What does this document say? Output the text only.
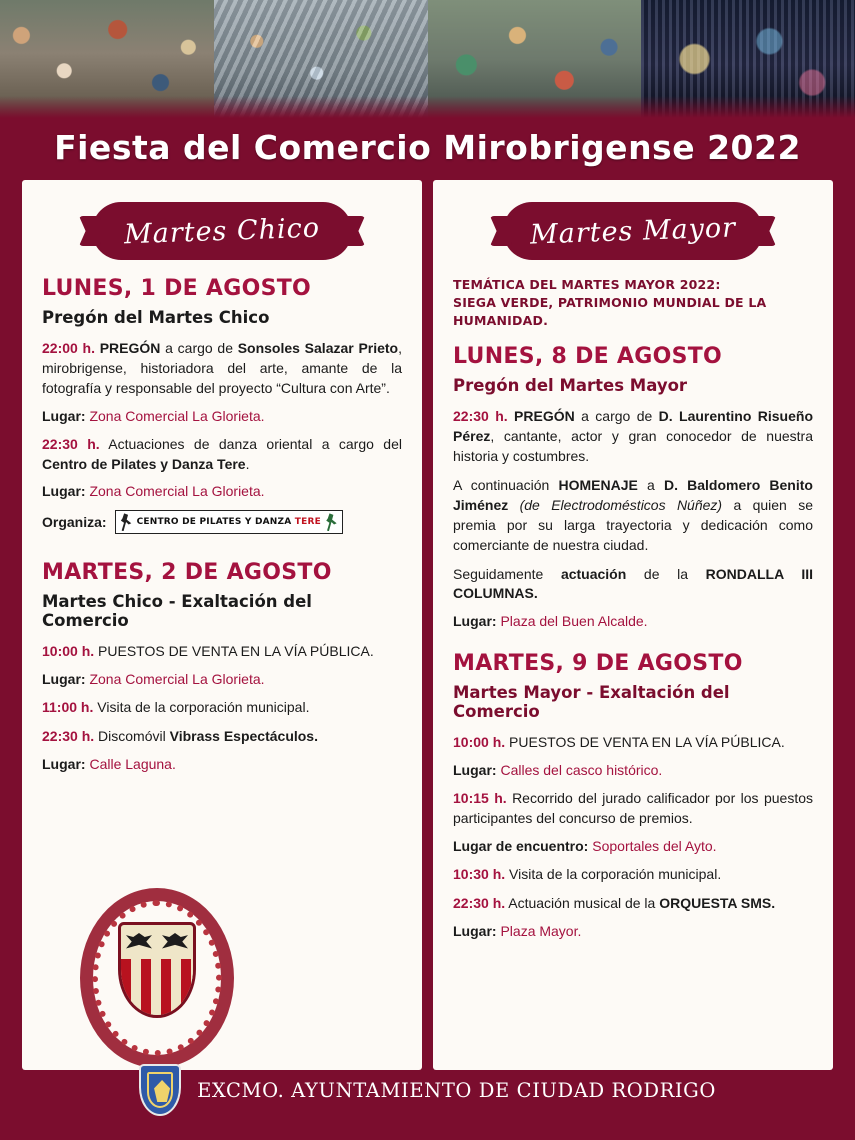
Fiesta del Comercio Mirobrigense 2022
Martes Chico
LUNES, 1 DE AGOSTO
Pregón del Martes Chico

22:00 h. PREGÓN a cargo de Sonsoles Salazar Prieto, mirobrigense, historiadora del arte, amante de la fotografía y responsable del proyecto “Cultura con Arte”.

Lugar: Zona Comercial La Glorieta.

22:30 h. Actuaciones de danza oriental a cargo del Centro de Pilates y Danza Tere.

Lugar: Zona Comercial La Glorieta.

Organiza:	CENTRO DE PILATES Y DANZA TERE

MARTES, 2 DE AGOSTO
Martes Chico - Exaltación del Comercio

10:00 h. PUESTOS DE VENTA EN LA VÍA PÚBLICA.

Lugar: Zona Comercial La Glorieta.

11:00 h. Visita de la corporación municipal.

22:30 h. Discomóvil Vibrass Espectáculos.

Lugar: Calle Laguna.

Martes Mayor
TEMÁTICA DEL MARTES MAYOR 2022:
SIEGA VERDE, PATRIMONIO MUNDIAL DE LA HUMANIDAD.
LUNES, 8 DE AGOSTO
Pregón del Martes Mayor

22:30 h. PREGÓN a cargo de D. Laurentino Risueño Pérez, cantante, actor y gran conocedor de nuestra historia y costumbres.

A continuación HOMENAJE a D. Baldomero Benito Jiménez (de Electrodomésticos Núñez) a quien se premia por su larga trayectoria y dedicación como comerciante de nuestra ciudad.

Seguidamente actuación de la RONDALLA III COLUMNAS.

Lugar: Plaza del Buen Alcalde.

MARTES, 9 DE AGOSTO
Martes Mayor - Exaltación del Comercio

10:00 h. PUESTOS DE VENTA EN LA VÍA PÚBLICA.

Lugar: Calles del casco histórico.

10:15 h. Recorrido del jurado calificador por los puestos participantes del concurso de premios.

Lugar de encuentro: Soportales del Ayto.

10:30 h. Visita de la corporación municipal.

22:30 h. Actuación musical de la ORQUESTA SMS.

Lugar: Plaza Mayor.

EXCMO. AYUNTAMIENTO DE CIUDAD RODRIGO
